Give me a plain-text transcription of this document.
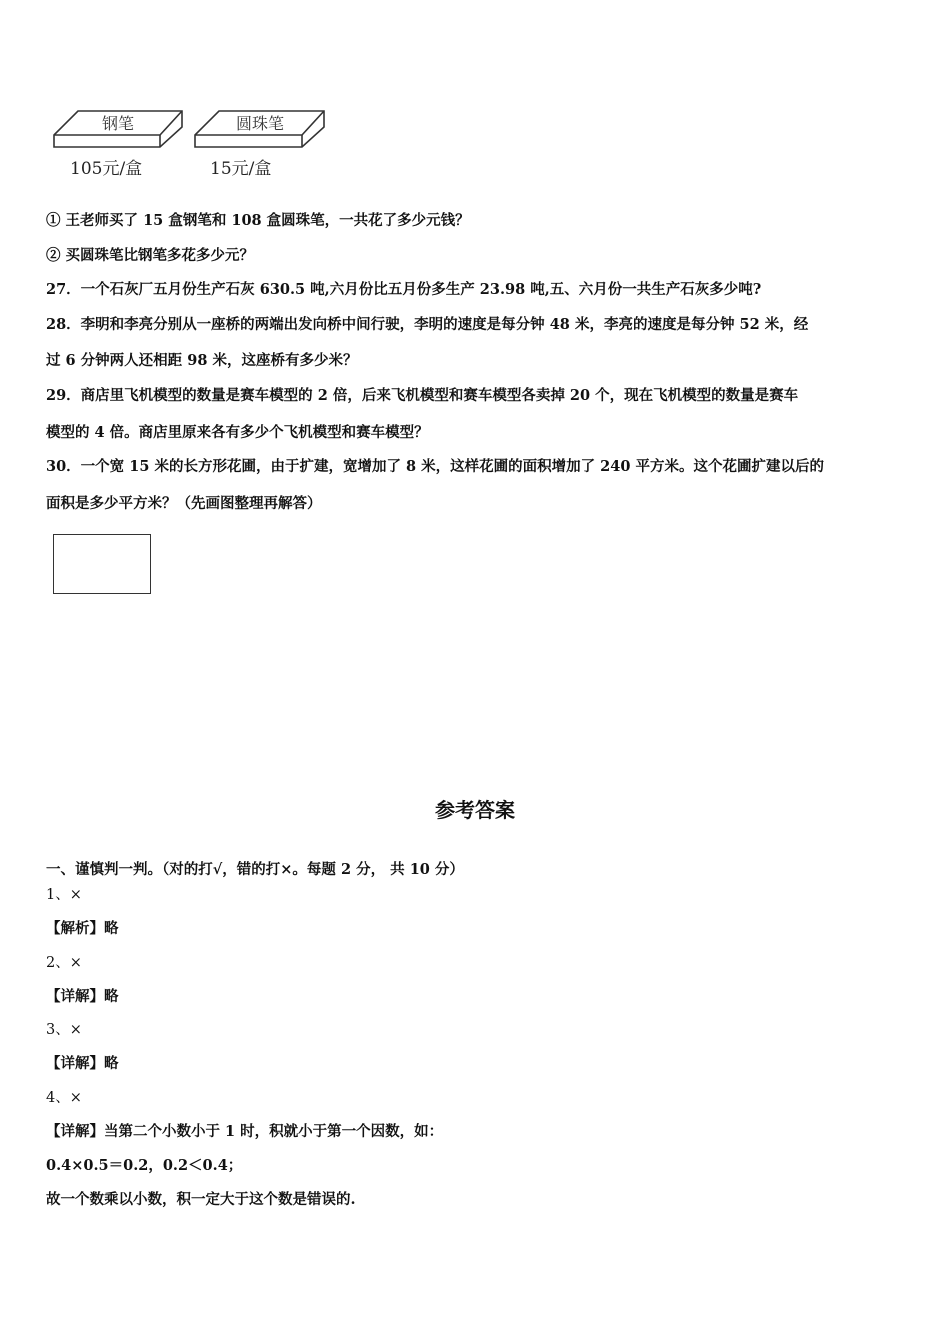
钢笔	圆珠笔
105元/盒	15元/盒
① 王老师买了 15 盒钢笔和 108 盒圆珠笔，一共花了多少元钱？
② 买圆珠笔比钢笔多花多少元？
27．一个石灰厂五月份生产石灰 630.5 吨,六月份比五月份多生产 23.98 吨,五、六月份一共生产石灰多少吨?
28．李明和李亮分别从一座桥的两端出发向桥中间行驶，李明的速度是每分钟 48 米，李亮的速度是每分钟 52 米，经
过 6 分钟两人还相距 98 米，这座桥有多少米？
29．商店里飞机模型的数量是赛车模型的 2 倍，后来飞机模型和赛车模型各卖掉 20 个，现在飞机模型的数量是赛车
模型的 4 倍。商店里原来各有多少个飞机模型和赛车模型？
30．一个宽 15 米的长方形花圃，由于扩建，宽增加了 8 米，这样花圃的面积增加了 240 平方米。这个花圃扩建以后的
面积是多少平方米？（先画图整理再解答）
参考答案
一、谨慎判一判。（对的打√，错的打×。每题 2 分， 共 10 分）
1、×
【解析】略
2、×
【详解】略
3、×
【详解】略
4、×
【详解】当第二个小数小于 1 时，积就小于第一个因数，如：
0.4×0.5＝0.2，0.2＜0.4；
故一个数乘以小数，积一定大于这个数是错误的.
